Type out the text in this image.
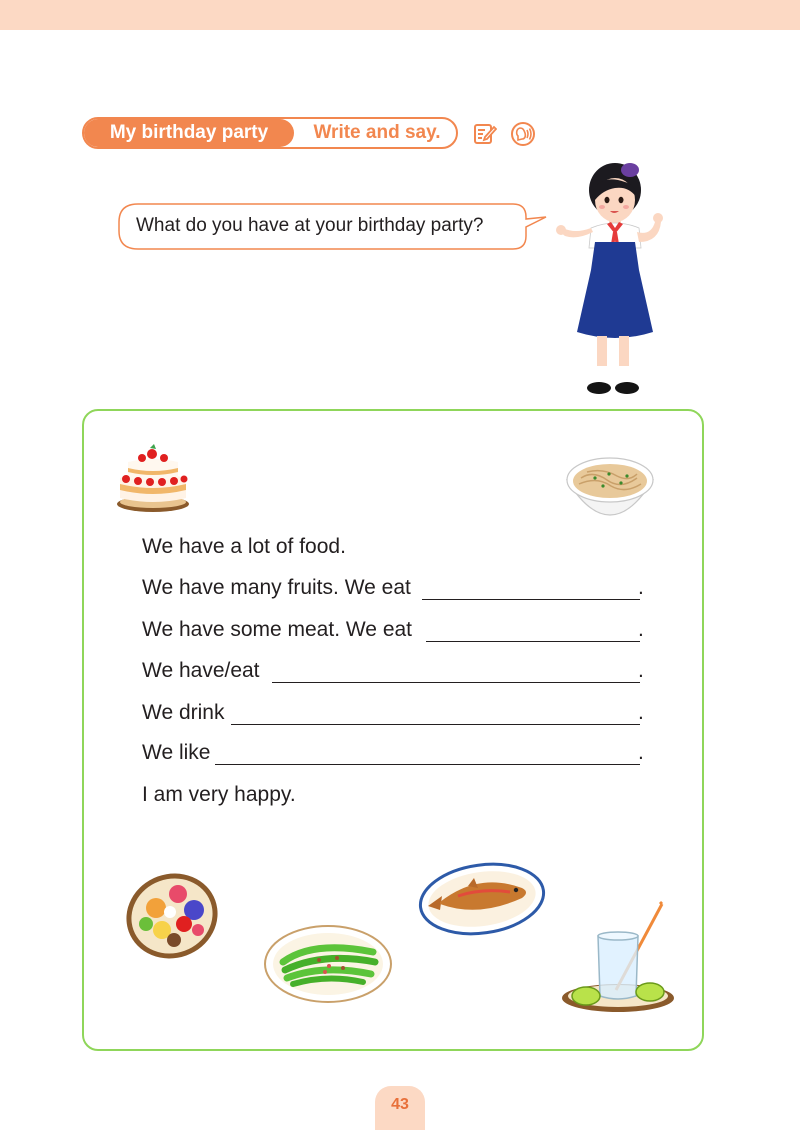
My birthday party	Write and say.
What do you have at your birthday party?
We have a lot of food.
We have many fruits. We eat	.
We have some meat. We eat	.
We have/eat	.
We drink	.
We like	.
I am very happy.
43
